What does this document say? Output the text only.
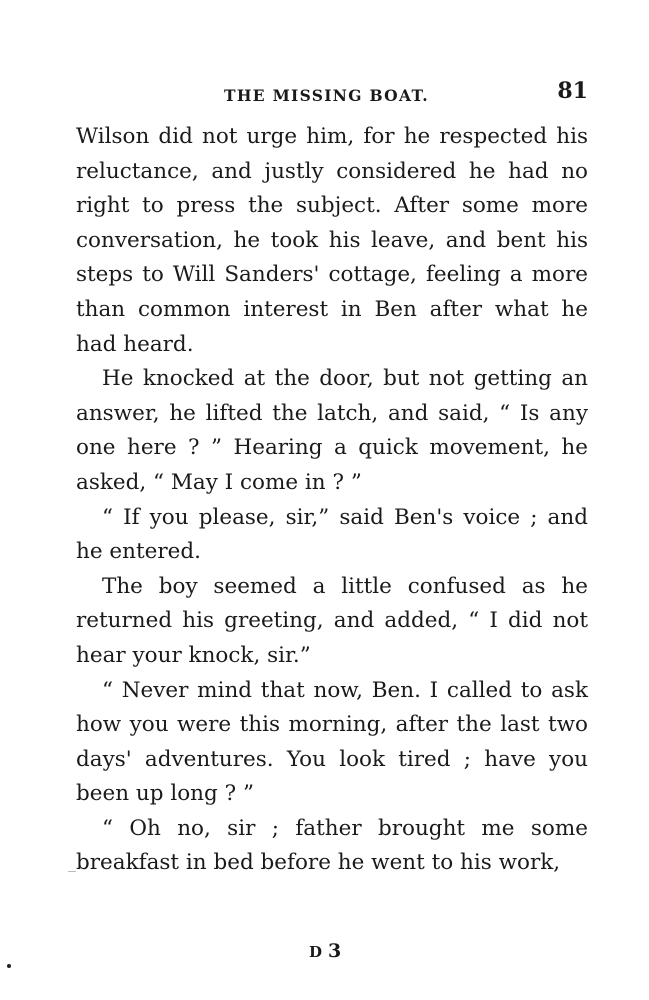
THE MISSING BOAT.	81

Wilson did not urge him, for he respected his reluctance, and justly considered he had no right to press the subject. After some more conversation, he took his leave, and bent his steps to Will Sanders' cottage, feeling a more than common interest in Ben after what he had heard.

He knocked at the door, but not getting an answer, he lifted the latch, and said, “ Is any one here ? ” Hearing a quick movement, he asked, “ May I come in ? ”

“ If you please, sir,” said Ben's voice ; and he entered.

The boy seemed a little confused as he returned his greeting, and added, “ I did not hear your knock, sir.”

“ Never mind that now, Ben. I called to ask how you were this morning, after the last two days' adventures. You look tired ; have you been up long ? ”

“ Oh no, sir ; father brought me some breakfast in bed before he went to his work,

D 3
